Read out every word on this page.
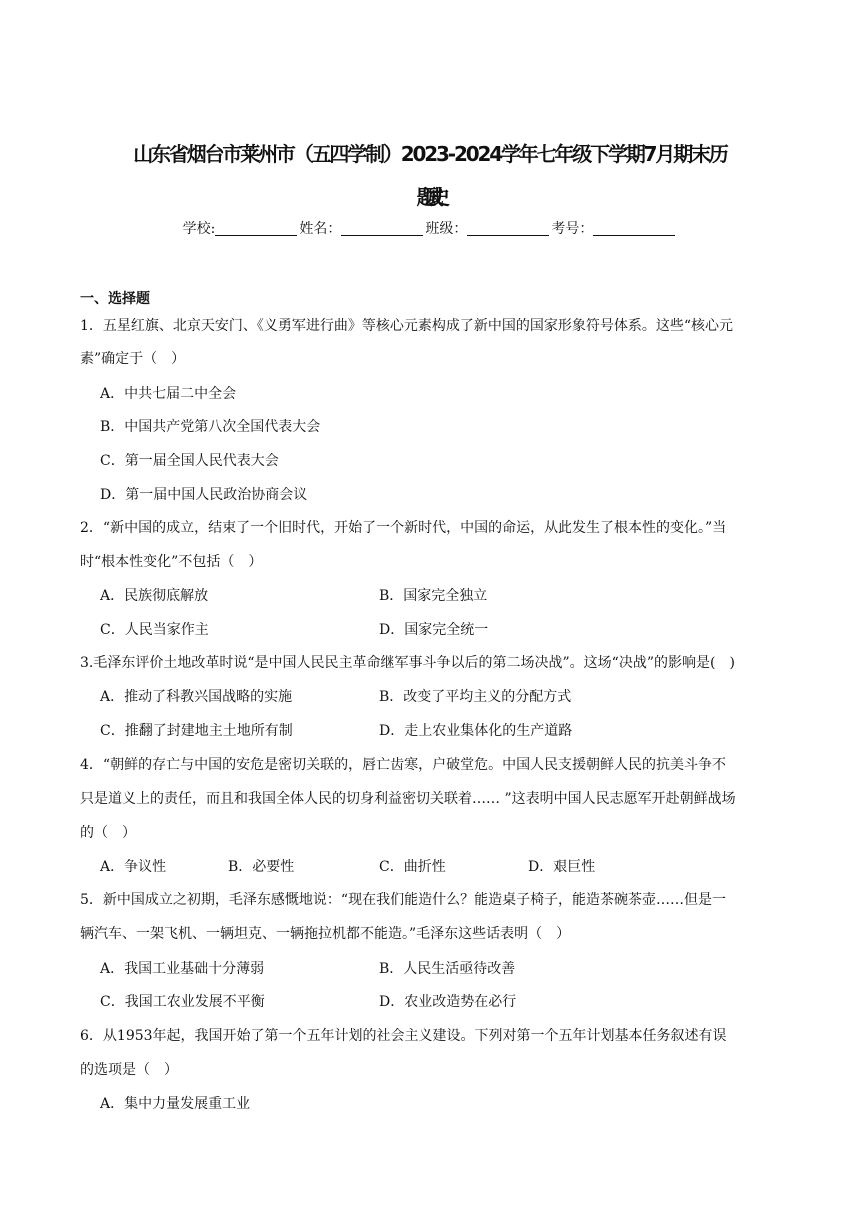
山东省烟台市莱州市（五四学制）2023-2024学年七年级下学期7月期末历
学校:	姓名：	班级：	考号：
一、选择题
1．五星红旗、北京天安门、《义勇军进行曲》等核心元素构成了新中国的国家形象符号体系。这些“核心元
素”确定于（　）
A．中共七届二中全会
B．中国共产党第八次全国代表大会
C．第一届全国人民代表大会
D．第一届中国人民政治协商会议
2．“新中国的成立，结束了一个旧时代，开始了一个新时代，中国的命运，从此发生了根本性的变化。”当
时“根本性变化”不包括（　）
A．民族彻底解放	B．国家完全独立
C．人民当家作主	D．国家完全统一
3.毛泽东评价土地改革时说“是中国人民民主革命继军事斗争以后的第二场决战”。这场“决战”的影响是(　)
A．推动了科教兴国战略的实施	B．改变了平均主义的分配方式
C．推翻了封建地主土地所有制	D．走上农业集体化的生产道路
4．“朝鲜的存亡与中国的安危是密切关联的，唇亡齿寒，户破堂危。中国人民支援朝鲜人民的抗美斗争不
只是道义上的责任，而且和我国全体人民的切身利益密切关联着…… ”这表明中国人民志愿军开赴朝鲜战场
的（　）
A．争议性	B．必要性	C．曲折性	D．艰巨性
5．新中国成立之初期，毛泽东感慨地说：“现在我们能造什么？能造桌子椅子，能造茶碗茶壶……但是一
辆汽车、一架飞机、一辆坦克、一辆拖拉机都不能造。”毛泽东这些话表明（　）
A．我国工业基础十分薄弱	B．人民生活亟待改善
C．我国工农业发展不平衡	D．农业改造势在必行
6．从1953年起，我国开始了第一个五年计划的社会主义建设。下列对第一个五年计划基本任务叙述有误
的选项是（　）
A．集中力量发展重工业
